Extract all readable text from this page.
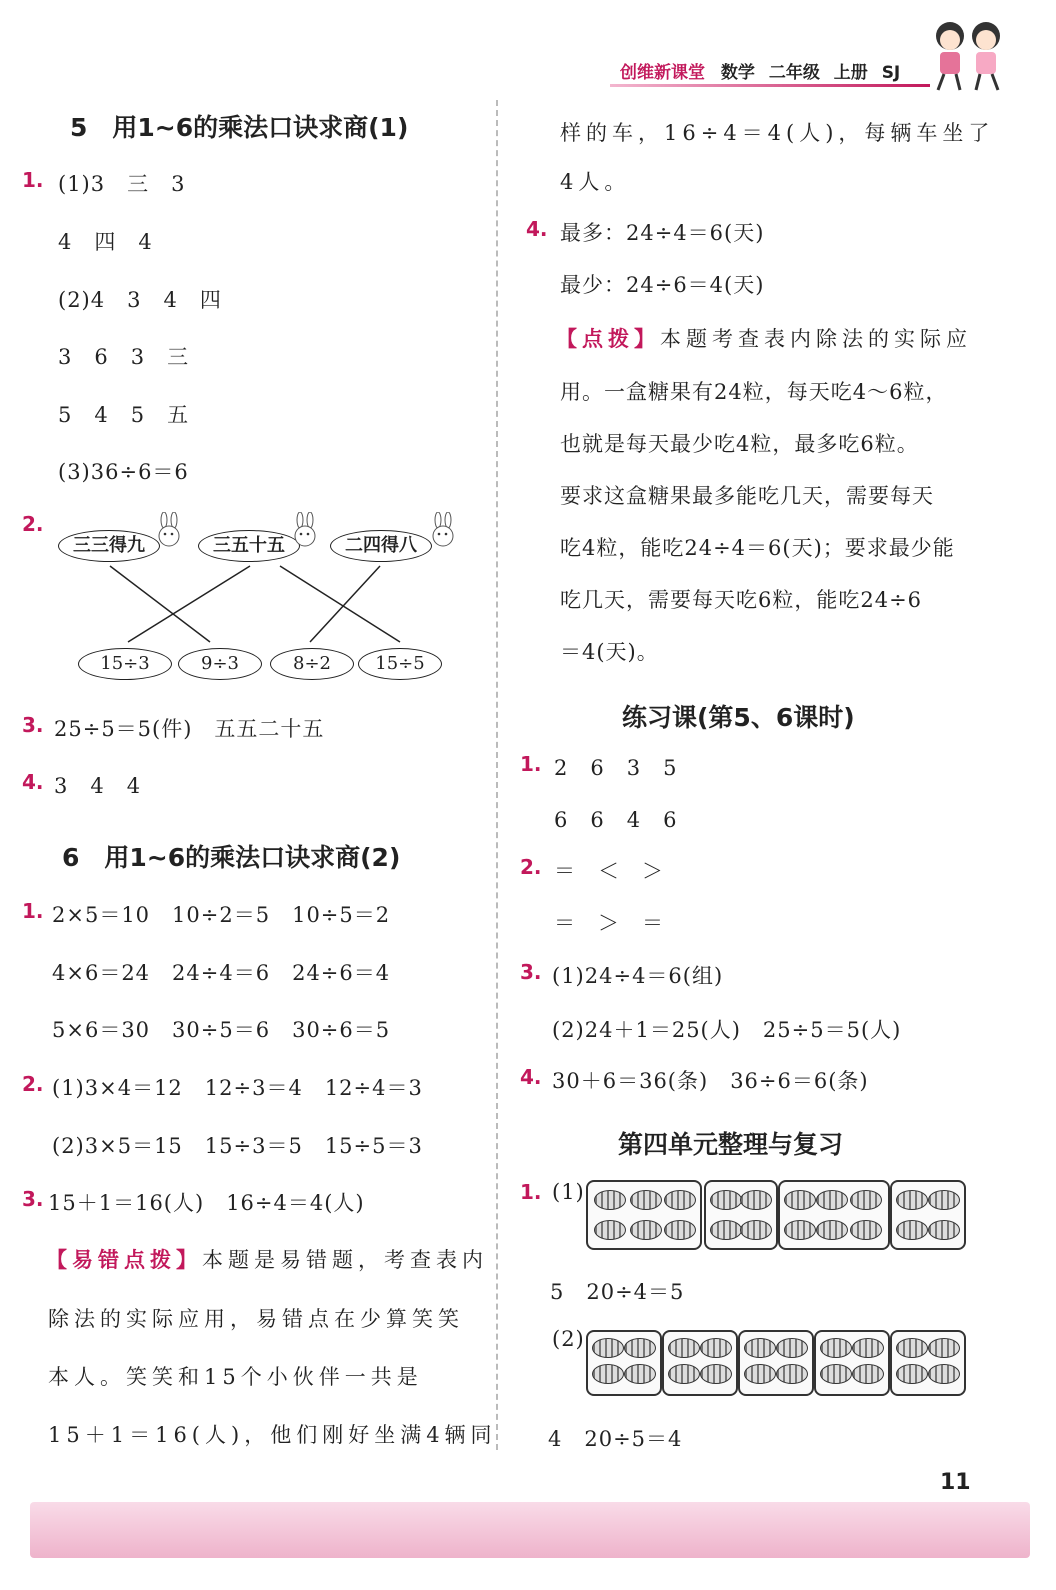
创维新课堂 数学 二年级 上册 SJ
5　用1~6的乘法口诀求商(1)
1. (1)3　三　3
4　四　4
(2)4　3　4　四
3　6　3　三
5　4　5　五
(3)36÷6＝6
2.
三三得九	三五十五	二四得八
15÷3	9÷3	8÷2	15÷5
3. 25÷5＝5(件)　五五二十五
4. 3　4　4
6　用1~6的乘法口诀求商(2)
1. 2×5＝10　10÷2＝5　10÷5＝2
4×6＝24　24÷4＝6　24÷6＝4
5×6＝30　30÷5＝6　30÷6＝5
2. (1)3×4＝12　12÷3＝4　12÷4＝3
(2)3×5＝15　15÷3＝5　15÷5＝3
3. 15＋1＝16(人)　16÷4＝4(人)
【易错点拨】本题是易错题，考查表内
除法的实际应用，易错点在少算笑笑
本人。笑笑和15个小伙伴一共是
15＋1＝16(人)，他们刚好坐满4辆同
样的车，16÷4＝4(人)，每辆车坐了
4人。
4. 最多：24÷4＝6(天)
最少：24÷6＝4(天)
【点拨】本题考查表内除法的实际应
用。一盒糖果有24粒，每天吃4～6粒，
也就是每天最少吃4粒，最多吃6粒。
要求这盒糖果最多能吃几天，需要每天
吃4粒，能吃24÷4＝6(天)；要求最少能
吃几天，需要每天吃6粒，能吃24÷6
＝4(天)。
练习课(第5、6课时)
1. 2　6　3　5
6　6　4　6
2. ＝　＜　＞
＝　＞　＝
3. (1)24÷4＝6(组)
(2)24＋1＝25(人)　25÷5＝5(人)
4. 30＋6＝36(条)　36÷6＝6(条)
第四单元整理与复习
1. (1)
5　20÷4＝5
(2)
4　20÷5＝4
11
